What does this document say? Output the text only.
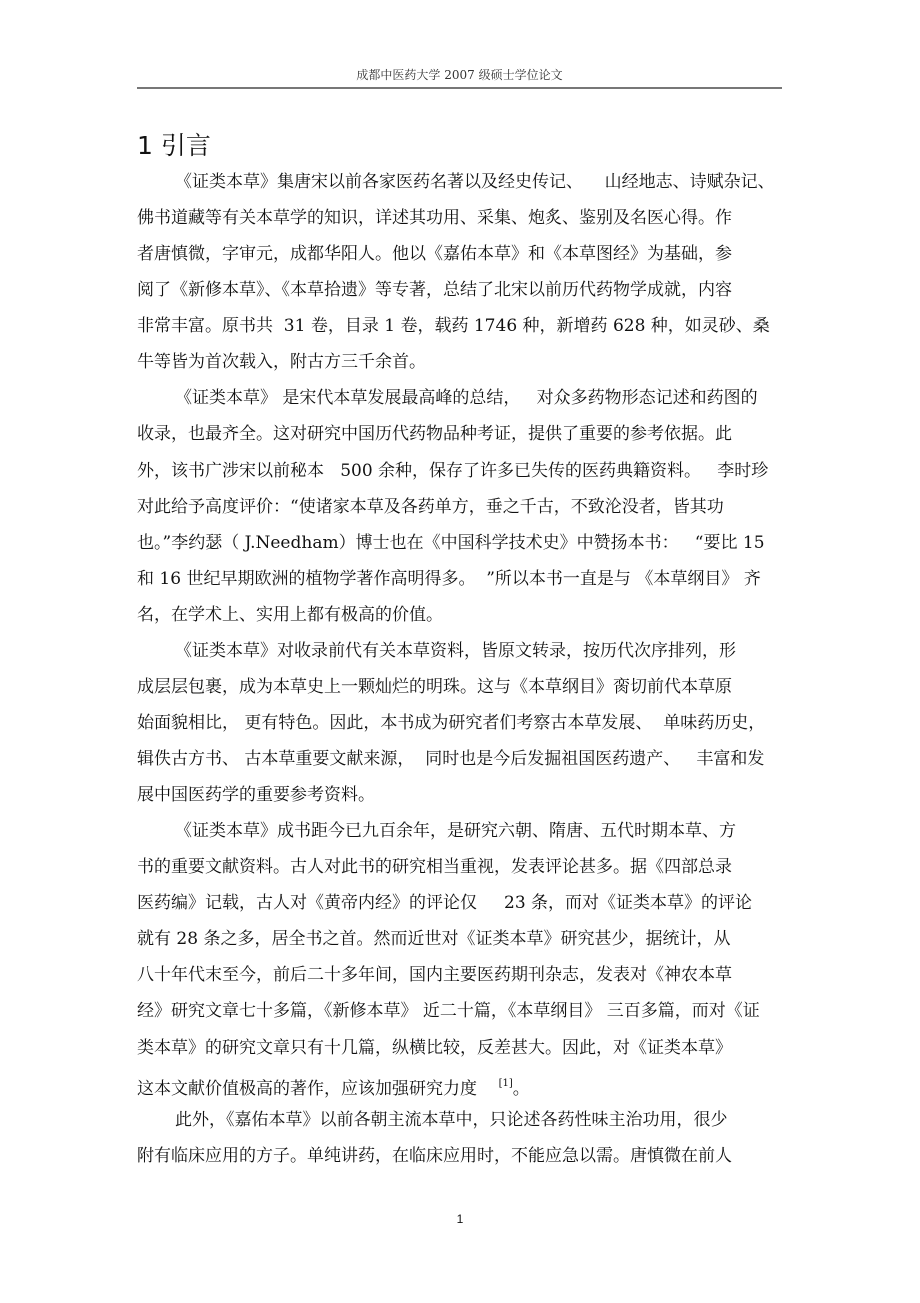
成都中医药大学 2007 级硕士学位论文
1 引言
《证类本草》集唐宋以前各家医药名著以及经史传记、    山经地志、诗赋杂记、
佛书道藏等有关本草学的知识，详述其功用、采集、炮炙、鉴别及名医心得。作
者唐慎微，字审元，成都华阳人。他以《嘉佑本草》和《本草图经》为基础，参
阅了《新修本草》、《本草拾遗》等专著，总结了北宋以前历代药物学成就，内容
非常丰富。原书共  31 卷，目录 1 卷，载药 1746 种，新增药 628 种，如灵砂、桑
牛等皆为首次载入，附古方三千余首。
《证类本草》 是宋代本草发展最高峰的总结，   对众多药物形态记述和药图的
收录，也最齐全。这对研究中国历代药物品种考证，提供了重要的参考依据。此
外，该书广涉宋以前秘本   500 余种，保存了许多已失传的医药典籍资料。   李时珍
对此给予高度评价：“使诸家本草及各药单方，垂之千古，不致沦没者，皆其功
也。”李约瑟（ J.Needham）博士也在《中国科学技术史》中赞扬本书：   “要比 15
和 16 世纪早期欧洲的植物学著作高明得多。  ”所以本书一直是与 《本草纲目》 齐
名，在学术上、实用上都有极高的价值。
《证类本草》对收录前代有关本草资料，皆原文转录，按历代次序排列，形
成层层包裹，成为本草史上一颗灿烂的明珠。这与《本草纲目》脔切前代本草原
始面貌相比， 更有特色。因此，本书成为研究者们考察古本草发展、  单味药历史，
辑佚古方书、 古本草重要文献来源，  同时也是今后发掘祖国医药遗产、   丰富和发
展中国医药学的重要参考资料。
《证类本草》成书距今已九百余年，是研究六朝、隋唐、五代时期本草、方
书的重要文献资料。古人对此书的研究相当重视，发表评论甚多。据《四部总录
医药编》记载，古人对《黄帝内经》的评论仅     23 条，而对《证类本草》的评论
就有 28 条之多，居全书之首。然而近世对《证类本草》研究甚少，据统计，从
八十年代末至今，前后二十多年间，国内主要医药期刊杂志，发表对《神农本草
经》研究文章七十多篇，《新修本草》 近二十篇，《本草纲目》 三百多篇，而对《证
类本草》的研究文章只有十几篇，纵横比较，反差甚大。因此，对《证类本草》
这本文献价值极高的著作，应该加强研究力度    [1]。
此外，《嘉佑本草》以前各朝主流本草中，只论述各药性味主治功用，很少
附有临床应用的方子。单纯讲药，在临床应用时，不能应急以需。唐慎微在前人
1
